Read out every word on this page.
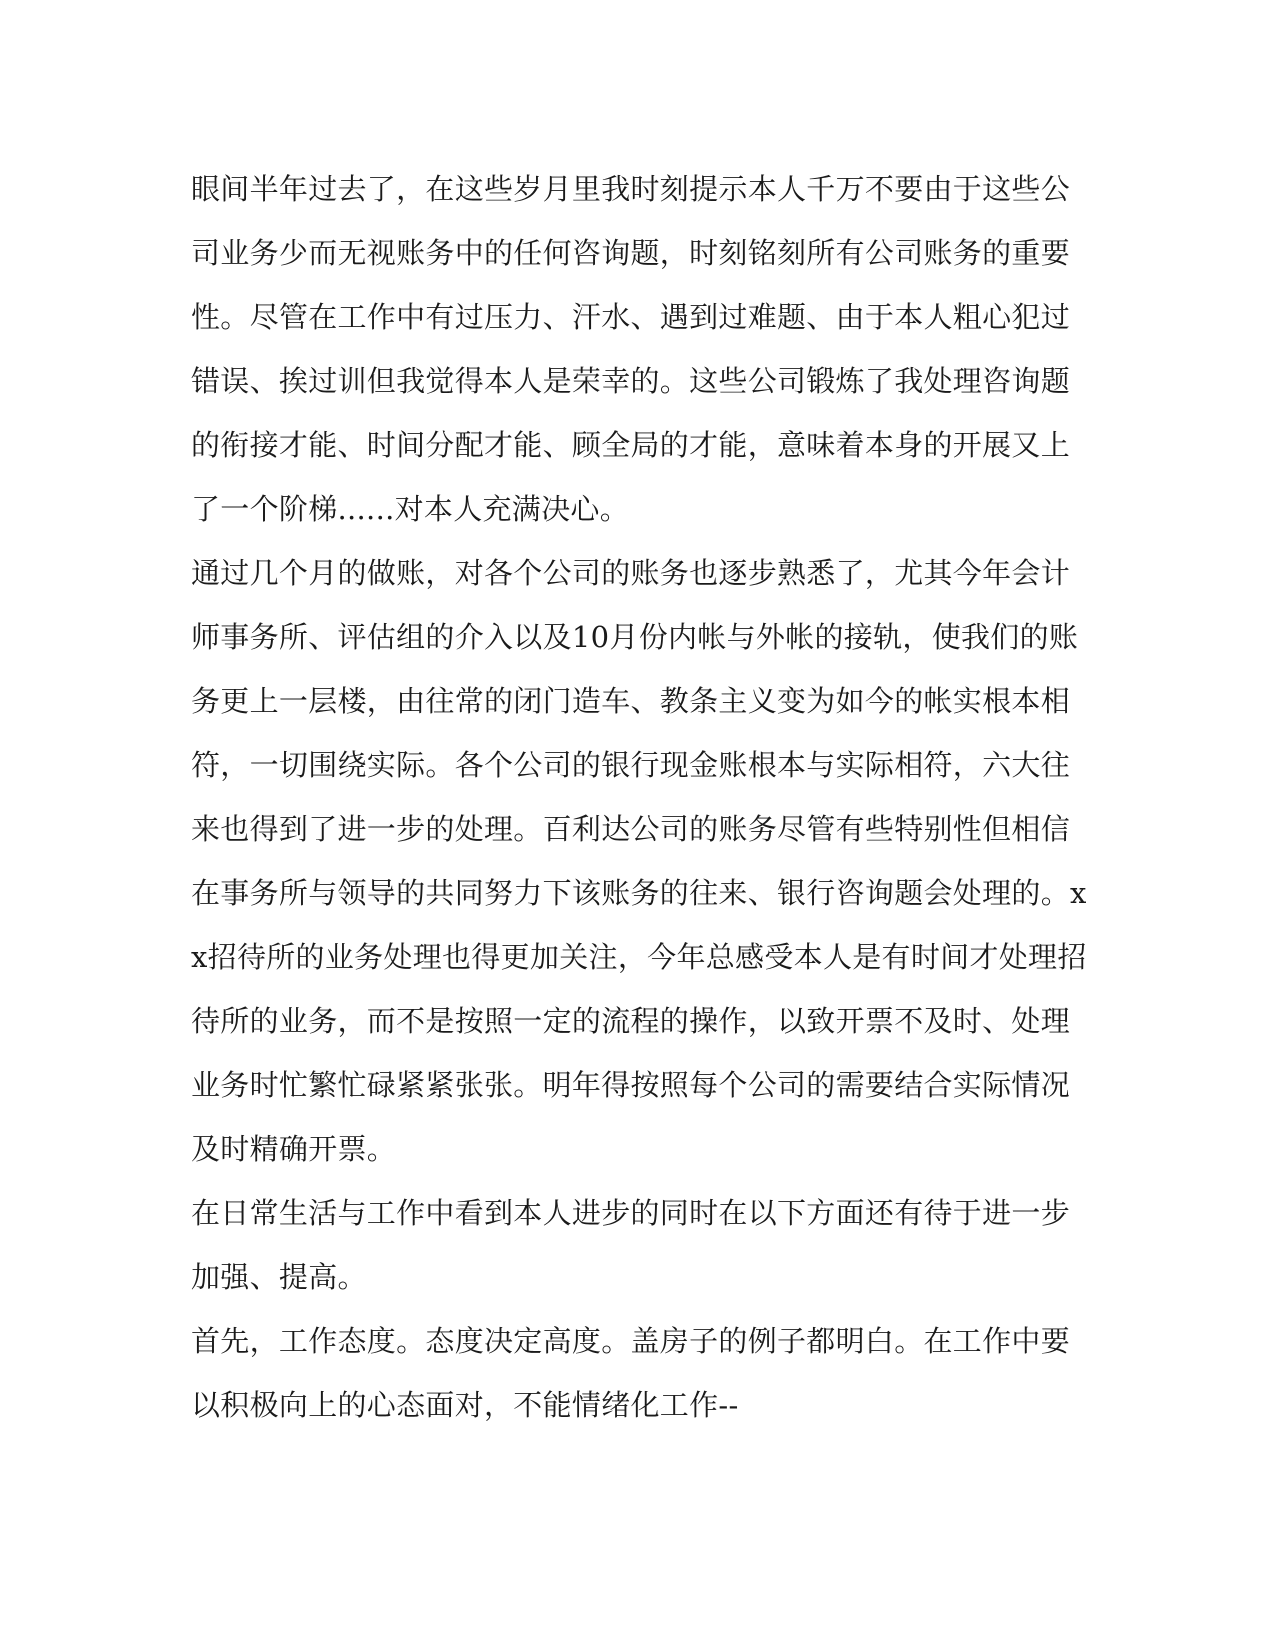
眼间半年过去了，在这些岁月里我时刻提示本人千万不要由于这些公
司业务少而无视账务中的任何咨询题，时刻铭刻所有公司账务的重要
性。尽管在工作中有过压力、汗水、遇到过难题、由于本人粗心犯过
错误、挨过训但我觉得本人是荣幸的。这些公司锻炼了我处理咨询题
的衔接才能、时间分配才能、顾全局的才能，意味着本身的开展又上
了一个阶梯......对本人充满决心。
通过几个月的做账，对各个公司的账务也逐步熟悉了，尤其今年会计
师事务所、评估组的介入以及10月份内帐与外帐的接轨，使我们的账
务更上一层楼，由往常的闭门造车、教条主义变为如今的帐实根本相
符，一切围绕实际。各个公司的银行现金账根本与实际相符，六大往
来也得到了进一步的处理。百利达公司的账务尽管有些特别性但相信
在事务所与领导的共同努力下该账务的往来、银行咨询题会处理的。x
x招待所的业务处理也得更加关注，今年总感受本人是有时间才处理招
待所的业务，而不是按照一定的流程的操作，以致开票不及时、处理
业务时忙繁忙碌紧紧张张。明年得按照每个公司的需要结合实际情况
及时精确开票。
在日常生活与工作中看到本人进步的同时在以下方面还有待于进一步
加强、提高。
首先，工作态度。态度决定高度。盖房子的例子都明白。在工作中要
以积极向上的心态面对，不能情绪化工作--
